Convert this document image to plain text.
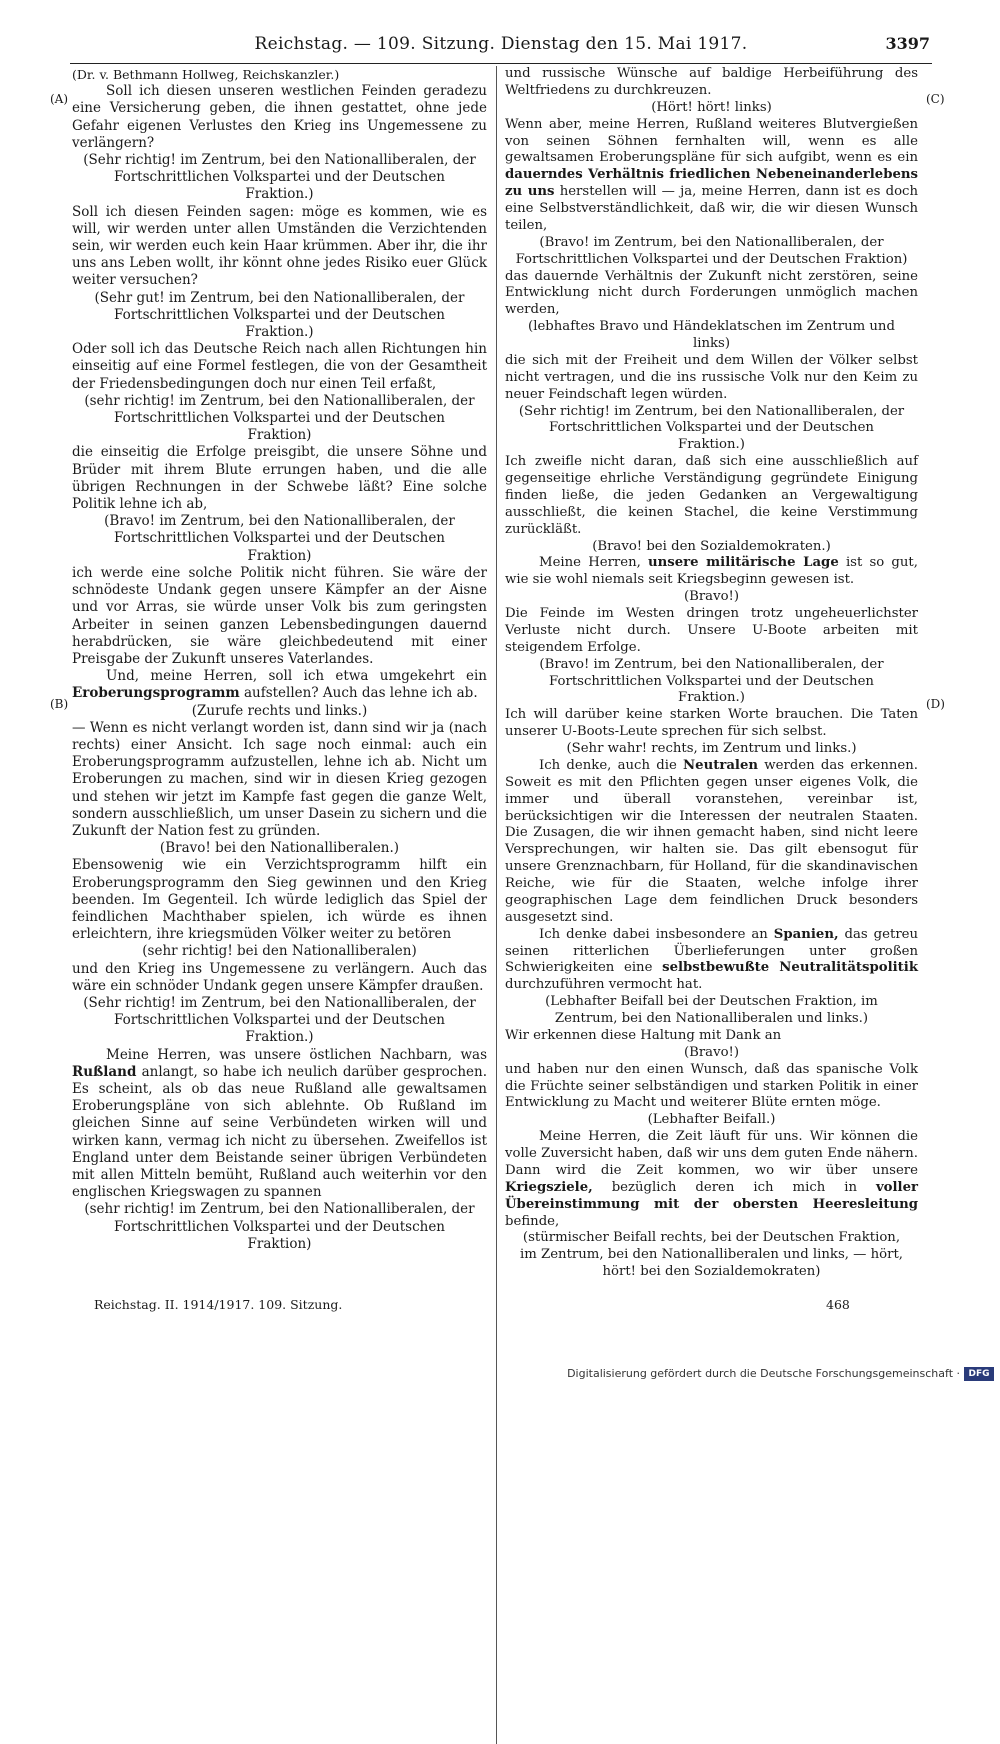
Reichstag. — 109. Sitzung. Dienstag den 15. Mai 1917.	3397
(A)
(B)
(C)
(D)

(Dr. v. Bethmann Hollweg, Reichskanzler.)

Soll ich diesen unseren westlichen Feinden geradezu eine Versicherung geben, die ihnen gestattet, ohne jede Gefahr eigenen Verlustes den Krieg ins Ungemessene zu verlängern?

(Sehr richtig! im Zentrum, bei den Nationalliberalen, der Fortschrittlichen Volkspartei und der Deutschen Fraktion.)

Soll ich diesen Feinden sagen: möge es kommen, wie es will, wir werden unter allen Umständen die Verzichtenden sein, wir werden euch kein Haar krümmen. Aber ihr, die ihr uns ans Leben wollt, ihr könnt ohne jedes Risiko euer Glück weiter versuchen?

(Sehr gut! im Zentrum, bei den Nationalliberalen, der Fortschrittlichen Volkspartei und der Deutschen Fraktion.)

Oder soll ich das Deutsche Reich nach allen Richtungen hin einseitig auf eine Formel festlegen, die von der Gesamtheit der Friedensbedingungen doch nur einen Teil erfaßt,

(sehr richtig! im Zentrum, bei den Nationalliberalen, der Fortschrittlichen Volkspartei und der Deutschen Fraktion)

die einseitig die Erfolge preisgibt, die unsere Söhne und Brüder mit ihrem Blute errungen haben, und die alle übrigen Rechnungen in der Schwebe läßt? Eine solche Politik lehne ich ab,

(Bravo! im Zentrum, bei den Nationalliberalen, der Fortschrittlichen Volkspartei und der Deutschen Fraktion)

ich werde eine solche Politik nicht führen. Sie wäre der schnödeste Undank gegen unsere Kämpfer an der Aisne und vor Arras, sie würde unser Volk bis zum geringsten Arbeiter in seinen ganzen Lebensbedingungen dauernd herabdrücken, sie wäre gleichbedeutend mit einer Preisgabe der Zukunft unseres Vaterlandes.

Und, meine Herren, soll ich etwa umgekehrt ein Eroberungsprogramm aufstellen? Auch das lehne ich ab.

(Zurufe rechts und links.)

— Wenn es nicht verlangt worden ist, dann sind wir ja (nach rechts) einer Ansicht. Ich sage noch einmal: auch ein Eroberungsprogramm aufzustellen, lehne ich ab. Nicht um Eroberungen zu machen, sind wir in diesen Krieg gezogen und stehen wir jetzt im Kampfe fast gegen die ganze Welt, sondern ausschließlich, um unser Dasein zu sichern und die Zukunft der Nation fest zu gründen.

(Bravo! bei den Nationalliberalen.)

Ebensowenig wie ein Verzichtsprogramm hilft ein Eroberungsprogramm den Sieg gewinnen und den Krieg beenden. Im Gegenteil. Ich würde lediglich das Spiel der feindlichen Machthaber spielen, ich würde es ihnen erleichtern, ihre kriegsmüden Völker weiter zu betören

(sehr richtig! bei den Nationalliberalen)

und den Krieg ins Ungemessene zu verlängern. Auch das wäre ein schnöder Undank gegen unsere Kämpfer draußen.

(Sehr richtig! im Zentrum, bei den Nationalliberalen, der Fortschrittlichen Volkspartei und der Deutschen Fraktion.)

Meine Herren, was unsere östlichen Nachbarn, was Rußland anlangt, so habe ich neulich darüber gesprochen. Es scheint, als ob das neue Rußland alle gewaltsamen Eroberungspläne von sich ablehnte. Ob Rußland im gleichen Sinne auf seine Verbündeten wirken will und wirken kann, vermag ich nicht zu übersehen. Zweifellos ist England unter dem Beistande seiner übrigen Verbündeten mit allen Mitteln bemüht, Rußland auch weiterhin vor den englischen Kriegswagen zu spannen

(sehr richtig! im Zentrum, bei den Nationalliberalen, der Fortschrittlichen Volkspartei und der Deutschen Fraktion)

und russische Wünsche auf baldige Herbeiführung des Weltfriedens zu durchkreuzen.

(Hört! hört! links)

Wenn aber, meine Herren, Rußland weiteres Blutvergießen von seinen Söhnen fernhalten will, wenn es alle gewaltsamen Eroberungspläne für sich aufgibt, wenn es ein dauerndes Verhältnis friedlichen Nebeneinanderlebens zu uns herstellen will — ja, meine Herren, dann ist es doch eine Selbstverständlichkeit, daß wir, die wir diesen Wunsch teilen,

(Bravo! im Zentrum, bei den Nationalliberalen, der Fortschrittlichen Volkspartei und der Deutschen Fraktion)

das dauernde Verhältnis der Zukunft nicht zerstören, seine Entwicklung nicht durch Forderungen unmöglich machen werden,

(lebhaftes Bravo und Händeklatschen im Zentrum und links)

die sich mit der Freiheit und dem Willen der Völker selbst nicht vertragen, und die ins russische Volk nur den Keim zu neuer Feindschaft legen würden.

(Sehr richtig! im Zentrum, bei den Nationalliberalen, der Fortschrittlichen Volkspartei und der Deutschen Fraktion.)

Ich zweifle nicht daran, daß sich eine ausschließlich auf gegenseitige ehrliche Verständigung gegründete Einigung finden ließe, die jeden Gedanken an Vergewaltigung ausschließt, die keinen Stachel, die keine Verstimmung zurückläßt.

(Bravo! bei den Sozialdemokraten.)

Meine Herren, unsere militärische Lage ist so gut, wie sie wohl niemals seit Kriegsbeginn gewesen ist.

(Bravo!)

Die Feinde im Westen dringen trotz ungeheuerlichster Verluste nicht durch. Unsere U-Boote arbeiten mit steigendem Erfolge.

(Bravo! im Zentrum, bei den Nationalliberalen, der Fortschrittlichen Volkspartei und der Deutschen Fraktion.)

Ich will darüber keine starken Worte brauchen. Die Taten unserer U-Boots-Leute sprechen für sich selbst.

(Sehr wahr! rechts, im Zentrum und links.)

Ich denke, auch die Neutralen werden das erkennen. Soweit es mit den Pflichten gegen unser eigenes Volk, die immer und überall voranstehen, vereinbar ist, berücksichtigen wir die Interessen der neutralen Staaten. Die Zusagen, die wir ihnen gemacht haben, sind nicht leere Versprechungen, wir halten sie. Das gilt ebensogut für unsere Grenznachbarn, für Holland, für die skandinavischen Reiche, wie für die Staaten, welche infolge ihrer geographischen Lage dem feindlichen Druck besonders ausgesetzt sind.

Ich denke dabei insbesondere an Spanien, das getreu seinen ritterlichen Überlieferungen unter großen Schwierigkeiten eine selbstbewußte Neutralitätspolitik durchzuführen vermocht hat.

(Lebhafter Beifall bei der Deutschen Fraktion, im Zentrum, bei den Nationalliberalen und links.)

Wir erkennen diese Haltung mit Dank an

(Bravo!)

und haben nur den einen Wunsch, daß das spanische Volk die Früchte seiner selbständigen und starken Politik in einer Entwicklung zu Macht und weiterer Blüte ernten möge.

(Lebhafter Beifall.)

Meine Herren, die Zeit läuft für uns. Wir können die volle Zuversicht haben, daß wir uns dem guten Ende nähern. Dann wird die Zeit kommen, wo wir über unsere Kriegsziele, bezüglich deren ich mich in voller Übereinstimmung mit der obersten Heeresleitung befinde,

(stürmischer Beifall rechts, bei der Deutschen Fraktion, im Zentrum, bei den Nationalliberalen und links, — hört, hört! bei den Sozialdemokraten)

Reichstag. II. 1914/1917. 109. Sitzung.	468
Digitalisierung gefördert durch die Deutsche Forschungsgemeinschaft · DFG
